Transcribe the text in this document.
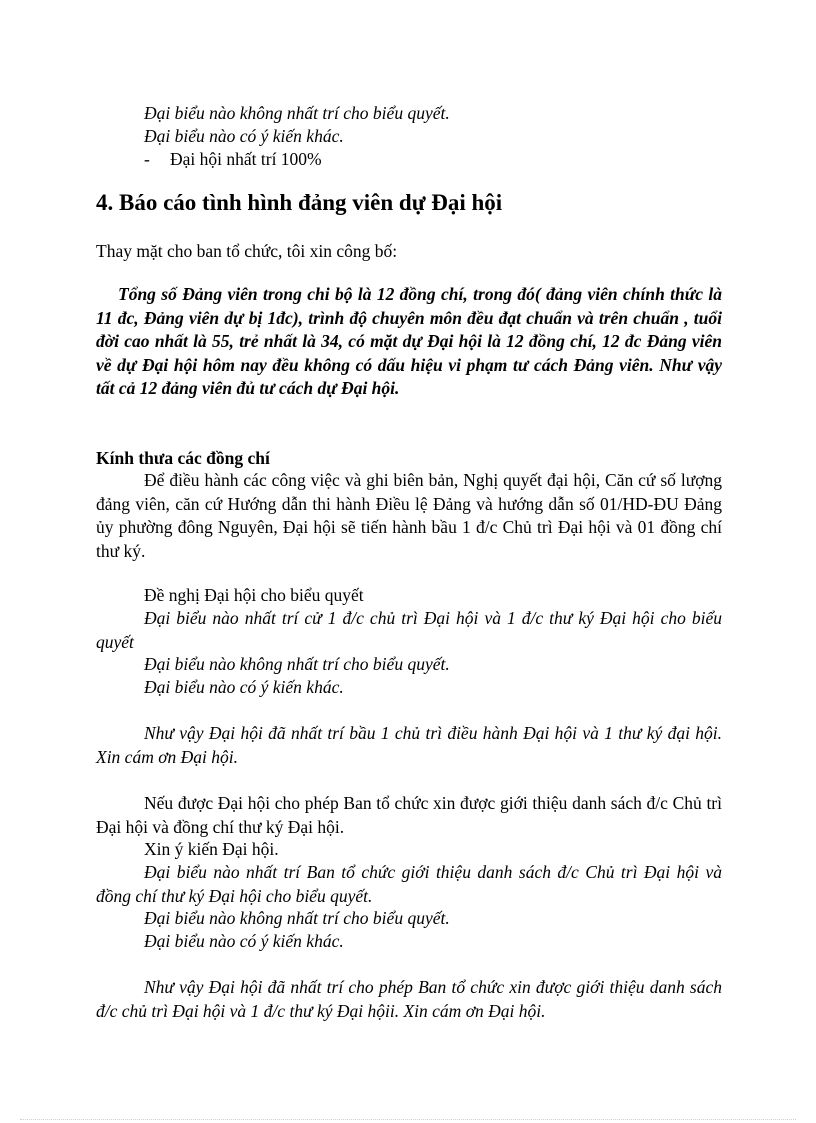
Đại biểu nào không nhất trí cho biểu quyết.

Đại biểu nào có ý kiến khác.

- Đại hội nhất trí 100%

4. Báo cáo tình hình đảng viên dự Đại hội

Thay mặt cho ban tổ chức, tôi xin công bố:

Tổng số Đảng viên trong chi bộ là 12 đồng chí, trong đó( đảng viên chính thức là 11 đc, Đảng viên dự bị 1đc), trình độ chuyên môn đều đạt chuẩn và trên chuẩn , tuổi đời cao nhất là 55, trẻ nhất là 34, có mặt dự Đại hội là 12 đồng chí, 12 đc Đảng viên về dự Đại hội hôm nay đều không có dấu hiệu vi phạm tư cách Đảng viên. Như vậy tất cả 12 đảng viên đủ tư cách dự Đại hội.

Kính thưa các đồng chí

Để điều hành các công việc và ghi biên bản, Nghị quyết đại hội, Căn cứ số lượng đảng viên, căn cứ Hướng dẫn thi hành Điều lệ Đảng và hướng dẫn số 01/HD-ĐU Đảng ủy phường đông Nguyên, Đại hội sẽ tiến hành bầu 1 đ/c Chủ trì Đại hội và 01 đồng chí thư ký.

Đề nghị Đại hội cho biểu quyết

Đại biểu nào nhất trí cử 1 đ/c chủ trì Đại hội và 1 đ/c thư ký Đại hội cho biểu quyết

Đại biểu nào không nhất trí cho biểu quyết.

Đại biểu nào có ý kiến khác.

Như vậy Đại hội đã nhất trí bầu 1 chủ trì điều hành Đại hội và 1 thư ký đại hội. Xin cám ơn Đại hội.

Nếu được Đại hội cho phép Ban tổ chức xin được giới thiệu danh sách đ/c Chủ trì Đại hội và đồng chí thư ký Đại hội.

Xin ý kiến Đại hội.

Đại biểu nào nhất trí Ban tổ chức giới thiệu danh sách đ/c Chủ trì Đại hội và đồng chí thư ký Đại hội cho biểu quyết.

Đại biểu nào không nhất trí cho biểu quyết.

Đại biểu nào có ý kiến khác.

Như vậy Đại hội đã nhất trí cho phép Ban tổ chức xin được giới thiệu danh sách đ/c chủ trì Đại hội và 1 đ/c thư ký Đại hộii. Xin cám ơn Đại hội.
